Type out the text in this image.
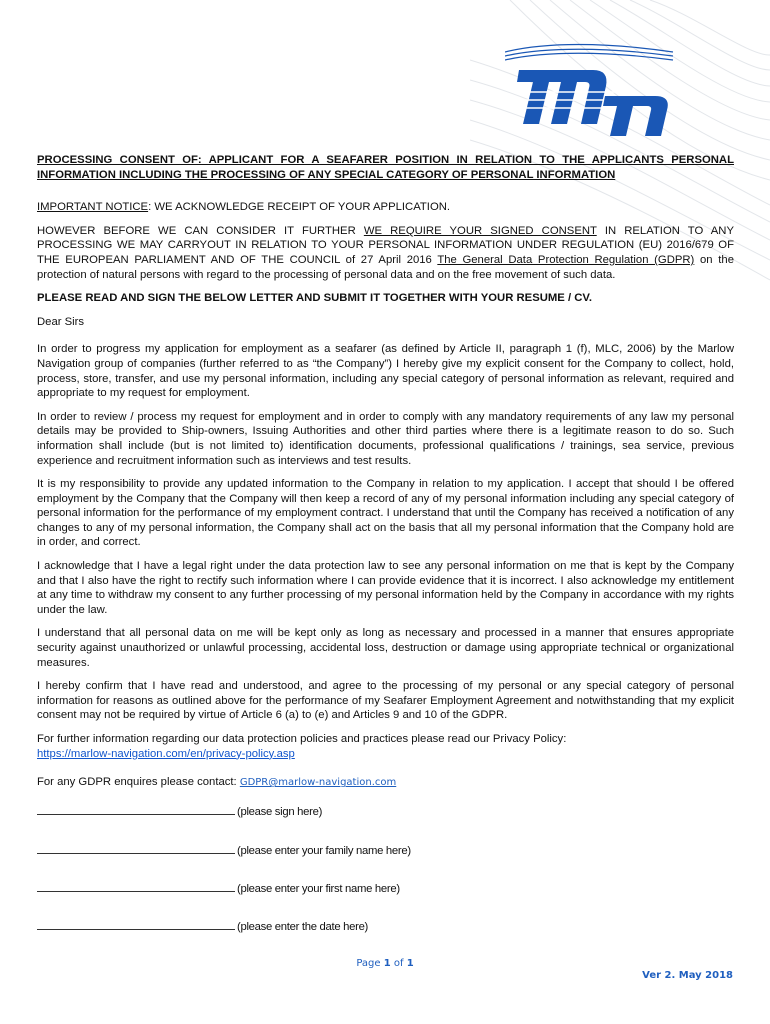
PROCESSING CONSENT OF: APPLICANT FOR A SEAFARER POSITION IN RELATION TO THE APPLICANTS PERSONAL INFORMATION INCLUDING THE PROCESSING OF ANY SPECIAL CATEGORY OF PERSONAL INFORMATION

IMPORTANT NOTICE: WE ACKNOWLEDGE RECEIPT OF YOUR APPLICATION.

HOWEVER BEFORE WE CAN CONSIDER IT FURTHER WE REQUIRE YOUR SIGNED CONSENT IN RELATION TO ANY PROCESSING WE MAY CARRYOUT IN RELATION TO YOUR PERSONAL INFORMATION UNDER REGULATION (EU) 2016/679 OF THE EUROPEAN PARLIAMENT AND OF THE COUNCIL of 27 April 2016 The General Data Protection Regulation (GDPR) on the protection of natural persons with regard to the processing of personal data and on the free movement of such data.

PLEASE READ AND SIGN THE BELOW LETTER AND SUBMIT IT TOGETHER WITH YOUR RESUME / CV.

Dear Sirs

In order to progress my application for employment as a seafarer (as defined by Article II, paragraph 1 (f), MLC, 2006) by the Marlow Navigation group of companies (further referred to as “the Company”) I hereby give my explicit consent for the Company to collect, hold, process, store, transfer, and use my personal information, including any special category of personal information as relevant, required and appropriate to my request for employment.

In order to review / process my request for employment and in order to comply with any mandatory requirements of any law my personal details may be provided to Ship-owners, Issuing Authorities and other third parties where there is a legitimate reason to do so. Such information shall include (but is not limited to) identification documents, professional qualifications / trainings, sea service, previous experience and recruitment information such as interviews and test results.

It is my responsibility to provide any updated information to the Company in relation to my application. I accept that should I be offered employment by the Company that the Company will then keep a record of any of my personal information including any special category of personal information for the performance of my employment contract. I understand that until the Company has received a notification of any changes to any of my personal information, the Company shall act on the basis that all my personal information that the Company hold are in order, and correct.

I acknowledge that I have a legal right under the data protection law to see any personal information on me that is kept by the Company and that I also have the right to rectify such information where I can provide evidence that it is incorrect. I also acknowledge my entitlement at any time to withdraw my consent to any further processing of my personal information held by the Company in accordance with my rights under the law.

I understand that all personal data on me will be kept only as long as necessary and processed in a manner that ensures appropriate security against unauthorized or unlawful processing, accidental loss, destruction or damage using appropriate technical or organizational measures.

I hereby confirm that I have read and understood, and agree to the processing of my personal or any special category of personal information for reasons as outlined above for the performance of my Seafarer Employment Agreement and notwithstanding that my explicit consent may not be required by virtue of Article 6 (a) to (e) and Articles 9 and 10 of the GDPR.

For further information regarding our data protection policies and practices please read our Privacy Policy:
https://marlow-navigation.com/en/privacy-policy.asp

For any GDPR enquires please contact: GDPR@marlow-navigation.com

(please sign here)
(please enter your family name here)
(please enter your first name here)
(please enter the date here)
Page 1 of 1
Ver 2. May 2018
